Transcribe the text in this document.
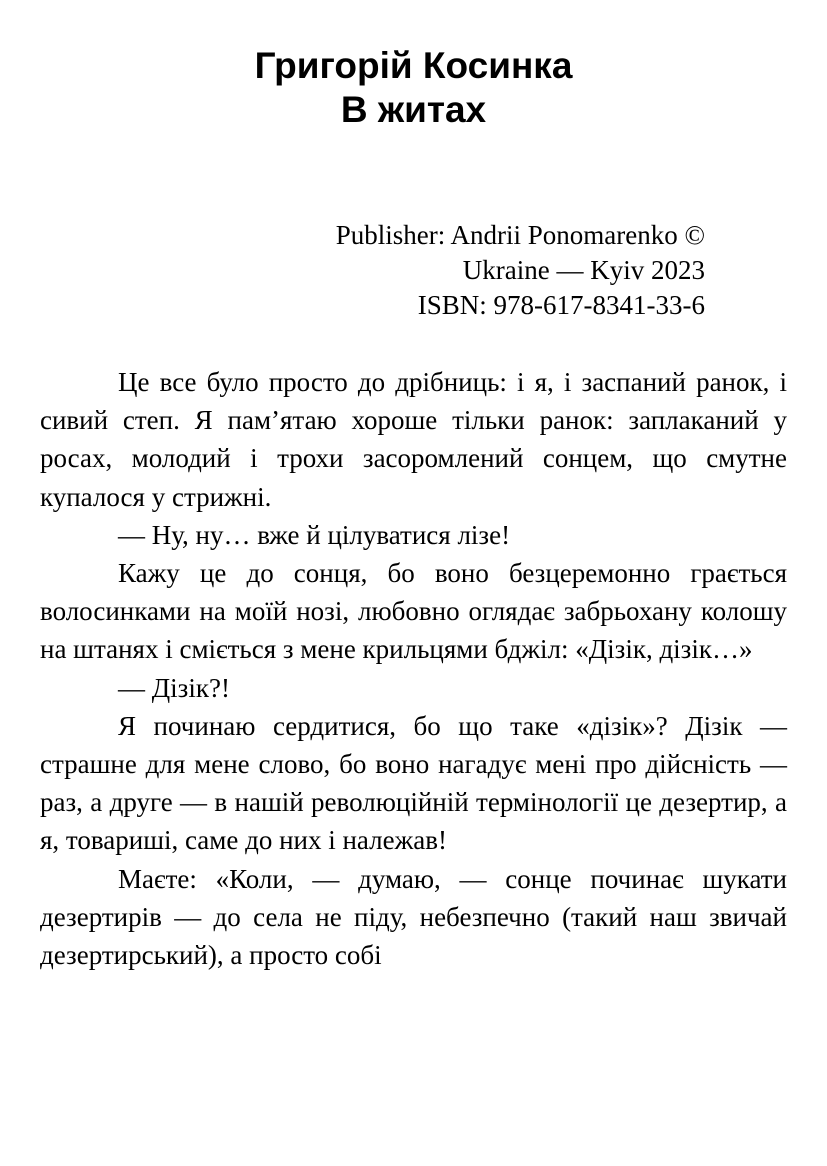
Григорій Косинка
В житах
Publisher: Andrii Ponomarenko ©
Ukraine — Kyiv 2023
ISBN: 978-617-8341-33-6

Це все було просто до дрібниць: і я, і заспаний ранок, і сивий степ. Я пам’ятаю хороше тільки ранок: заплаканий у росах, молодий і трохи засоромлений сонцем, що смутне купалося у стрижні.

— Ну, ну… вже й цілуватися лізе!

Кажу це до сонця, бо воно безцеремонно грається волосинками на моїй нозі, любовно оглядає забрьохану колошу на штанях і сміється з мене крильцями бджіл: «Дізік, дізік…»

— Дізік?!

Я починаю сердитися, бо що таке «дізік»? Дізік — страшне для мене слово, бо воно нагадує мені про дійсність — раз, а друге — в нашій революційній термінології це дезертир, а я, товариші, саме до них і належав!

Маєте: «Коли, — думаю, — сонце починає шукати дезертирів — до села не піду, небезпечно (такий наш звичай дезертирський), а просто собі
